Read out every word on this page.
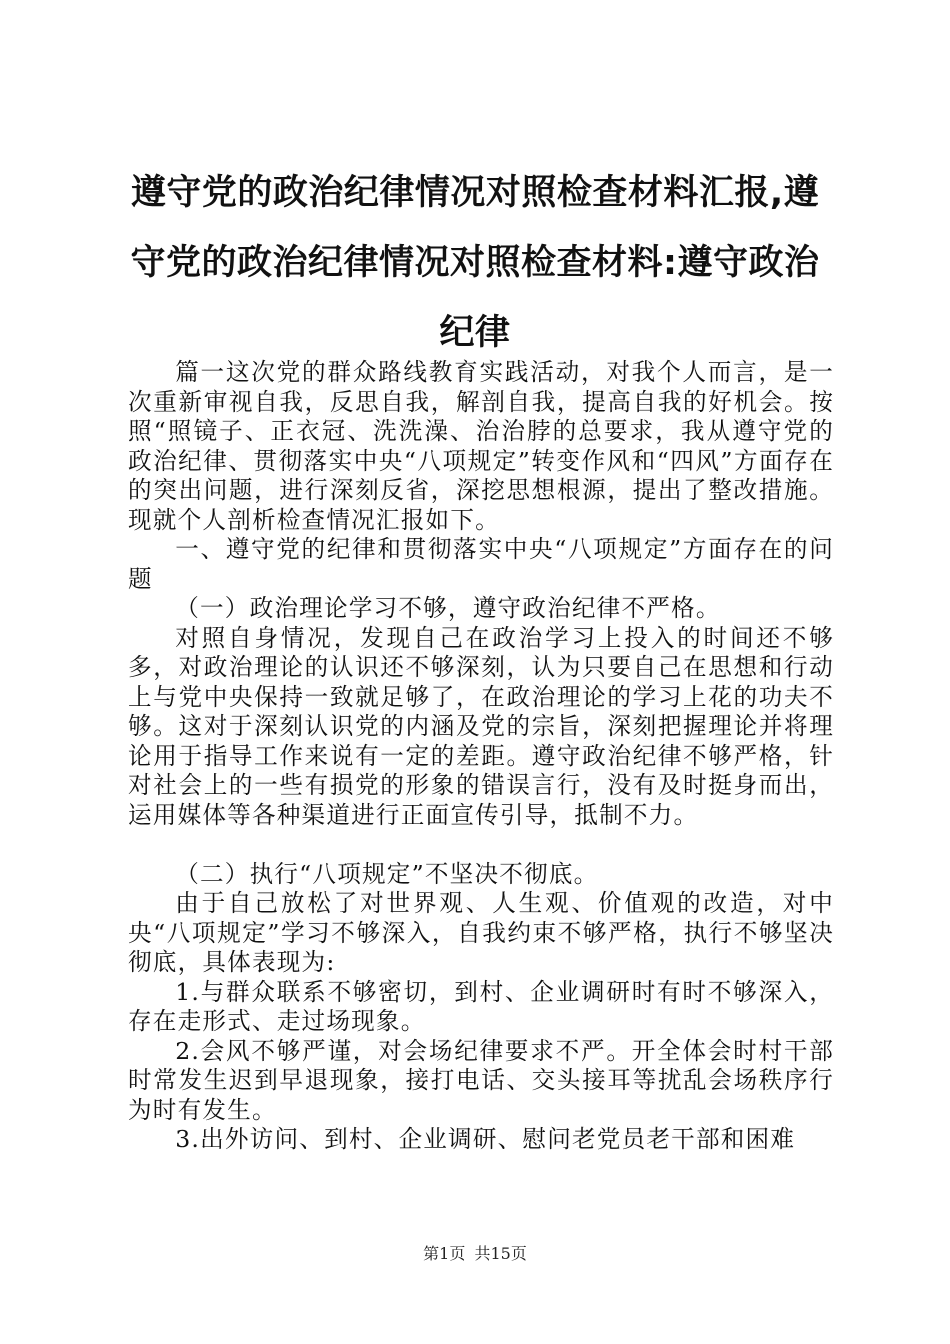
遵守党的政治纪律情况对照检查材料汇报,遵守党的政治纪律情况对照检查材料:遵守政治纪律

篇一这次党的群众路线教育实践活动，对我个人而言，是一次重新审视自我，反思自我，解剖自我，提高自我的好机会。按照“照镜子、正衣冠、洗洗澡、治治脖的总要求，我从遵守党的政治纪律、贯彻落实中央“八项规定”转变作风和“四风”方面存在的突出问题，进行深刻反省，深挖思想根源，提出了整改措施。现就个人剖析检查情况汇报如下。

一、遵守党的纪律和贯彻落实中央“八项规定”方面存在的问题

（一）政治理论学习不够，遵守政治纪律不严格。

对照自身情况，发现自己在政治学习上投入的时间还不够多，对政治理论的认识还不够深刻，认为只要自己在思想和行动上与党中央保持一致就足够了，在政治理论的学习上花的功夫不够。这对于深刻认识党的内涵及党的宗旨，深刻把握理论并将理论用于指导工作来说有一定的差距。遵守政治纪律不够严格，针对社会上的一些有损党的形象的错误言行，没有及时挺身而出，运用媒体等各种渠道进行正面宣传引导，抵制不力。

（二）执行“八项规定”不坚决不彻底。

由于自己放松了对世界观、人生观、价值观的改造，对中央“八项规定”学习不够深入，自我约束不够严格，执行不够坚决彻底，具体表现为:

1.与群众联系不够密切，到村、企业调研时有时不够深入，存在走形式、走过场现象。

2.会风不够严谨，对会场纪律要求不严。开全体会时村干部时常发生迟到早退现象，接打电话、交头接耳等扰乱会场秩序行为时有发生。

3.出外访问、到村、企业调研、慰问老党员老干部和困难

第1页 共15页
